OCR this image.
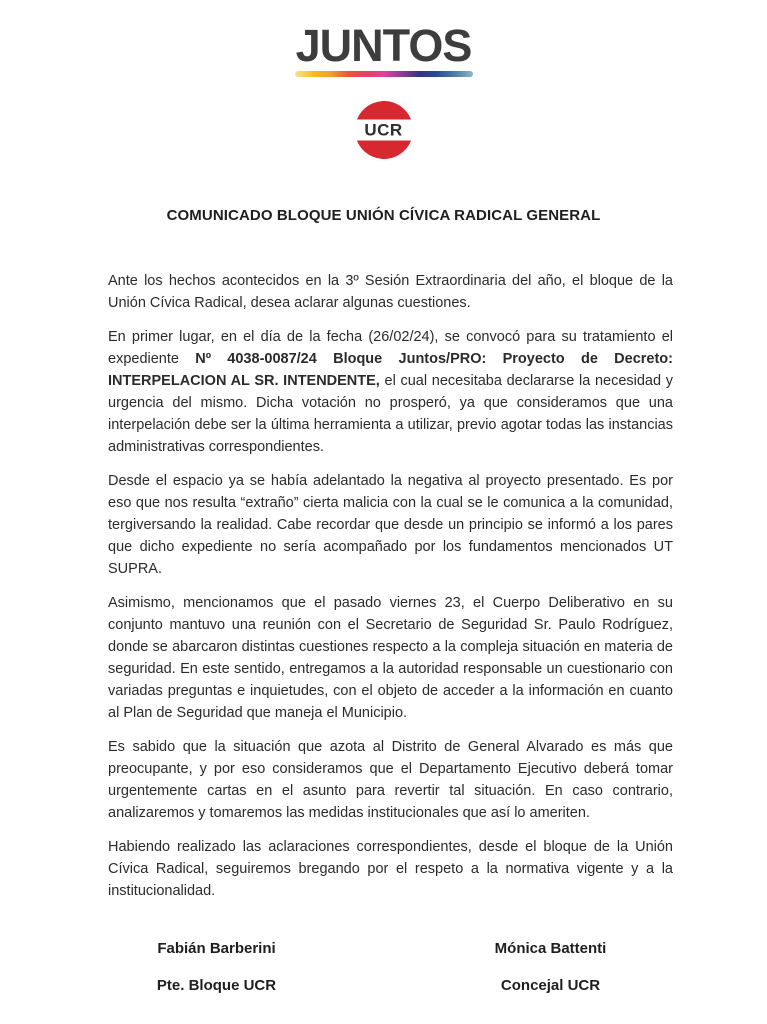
JUNTOS
UCR
COMUNICADO BLOQUE UNIÓN CÍVICA RADICAL GENERAL

Ante los hechos acontecidos en la 3º Sesión Extraordinaria del año, el bloque de la Unión Cívica Radical, desea aclarar algunas cuestiones.

En primer lugar, en el día de la fecha (26/02/24), se convocó para su tratamiento el expediente Nº 4038-0087/24 Bloque Juntos/PRO: Proyecto de Decreto: INTERPELACION AL SR. INTENDENTE, el cual necesitaba declararse la necesidad y urgencia del mismo. Dicha votación no prosperó, ya que consideramos que una interpelación debe ser la última herramienta a utilizar, previo agotar todas las instancias administrativas correspondientes.

Desde el espacio ya se había adelantado la negativa al proyecto presentado. Es por eso que nos resulta “extraño” cierta malicia con la cual se le comunica a la comunidad, tergiversando la realidad. Cabe recordar que desde un principio se informó a los pares que dicho expediente no sería acompañado por los fundamentos mencionados UT SUPRA.

Asimismo, mencionamos que el pasado viernes 23, el Cuerpo Deliberativo en su conjunto mantuvo una reunión con el Secretario de Seguridad Sr. Paulo Rodríguez, donde se abarcaron distintas cuestiones respecto a la compleja situación en materia de seguridad. En este sentido, entregamos a la autoridad responsable un cuestionario con variadas preguntas e inquietudes, con el objeto de acceder a la información en cuanto al Plan de Seguridad que maneja el Municipio.

Es sabido que la situación que azota al Distrito de General Alvarado es más que preocupante, y por eso consideramos que el Departamento Ejecutivo deberá tomar urgentemente cartas en el asunto para revertir tal situación. En caso contrario, analizaremos y tomaremos las medidas institucionales que así lo ameriten.

Habiendo realizado las aclaraciones correspondientes, desde el bloque de la Unión Cívica Radical, seguiremos bregando por el respeto a la normativa vigente y a la institucionalidad.

Fabián Barberini
Pte. Bloque UCR
Mónica Battenti
Concejal UCR
